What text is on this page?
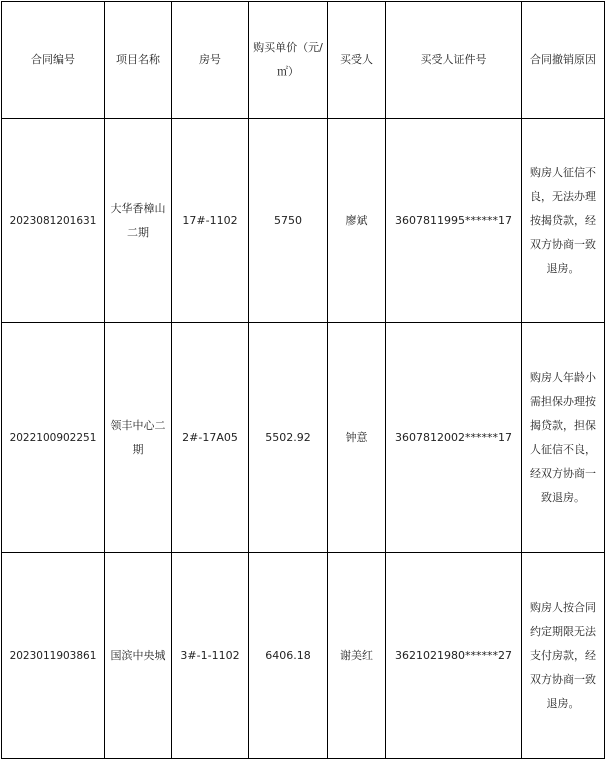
合同编号	项目名称	房号	购买单价（元/㎡）	买受人	买受人证件号	合同撤销原因
2023081201631	大华香樟山二期	17#-1102	5750	廖斌	3607811995******17	购房人征信不良，无法办理按揭贷款，经双方协商一致退房。
2022100902251	领丰中心二期	2#-17A05	5502.92	钟意	3607812002******17	购房人年龄小需担保办理按揭贷款，担保人征信不良，经双方协商一致退房。
2023011903861	国滨中央城	3#-1-1102	6406.18	谢美红	3621021980******27	购房人按合同约定期限无法支付房款，经双方协商一致退房。
